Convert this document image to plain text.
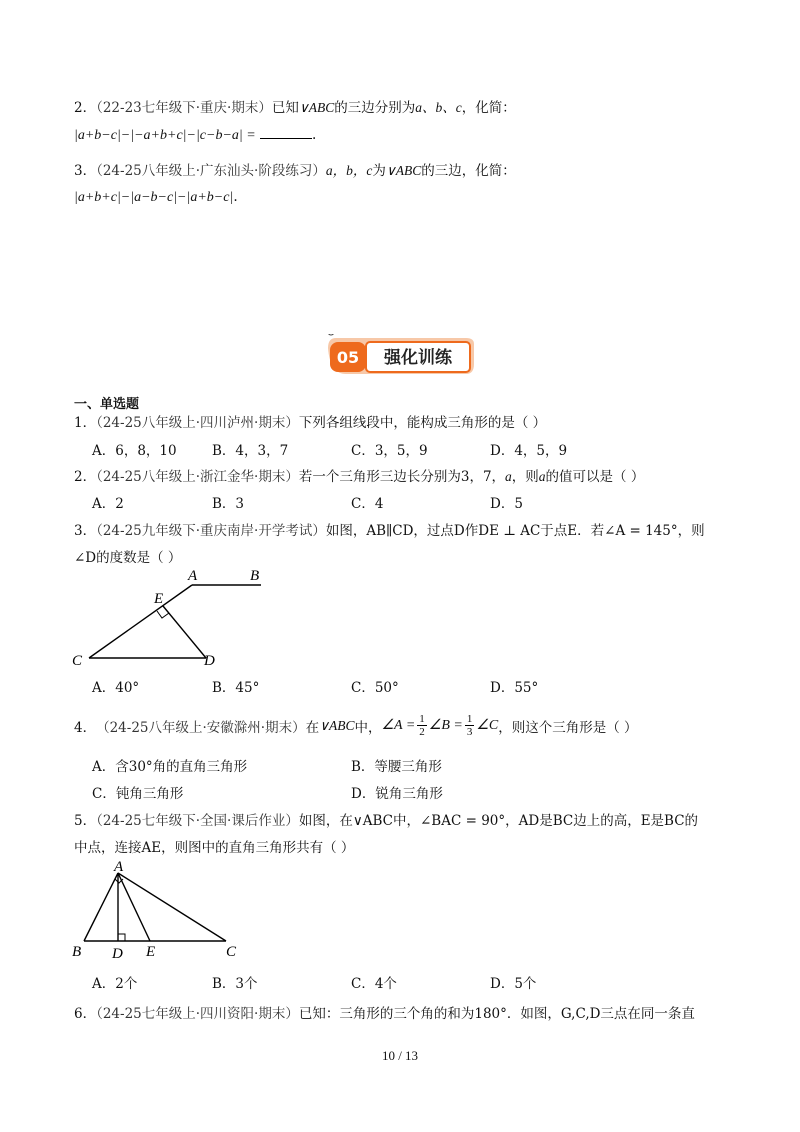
2．（22-23七年级下·重庆·期末）已知∨ABC的三边分别为a、b、c，化简：
|a+b−c|−|−a+b+c|−|c−b−a| =	.
3．（24-25八年级上·广东汕头·阶段练习）a，b，c为∨ABC的三边，化简：
|a+b+c|−|a−b−c|−|a+b−c|.
05 强化训练
一、单选题
1．（24-25八年级上·四川泸州·期末）下列各组线段中，能构成三角形的是（ ）
A．6，8，10	B．4，3，7	C．3，5，9	D．4，5，9
2．（24-25八年级上·浙江金华·期末）若一个三角形三边长分别为3，7，a，则a的值可以是（ ）
A．2	B．3	C．4	D．5
3．（24-25九年级下·重庆南岸·开学考试）如图，AB∥CD，过点D作DE ⊥ AC于点E．若∠A = 145°，则
∠D的度数是（ ）
A	B
E
C	D
A．40°	B．45°	C．50°	D．55°
4． （24-25八年级上·安徽滁州·期末） 在 ∨ABC 中， ∠A = $\frac{1}{2}$ ∠B = $\frac{1}{3}$ ∠C ，则这个三角形是（ ）
A．含30°角的直角三角形	B．等腰三角形
C．钝角三角形	D．锐角三角形
5．（24-25七年级下·全国·课后作业）如图，在∨ABC中，∠BAC = 90°，AD是BC边上的高，E是BC的
中点，连接AE，则图中的直角三角形共有（ ）
A
B D E	C
A．2个	B．3个	C．4个	D．5个
6．（24-25七年级上·四川资阳·期末）已知：三角形的三个角的和为180°．如图，G,C,D三点在同一条直
10 / 13
